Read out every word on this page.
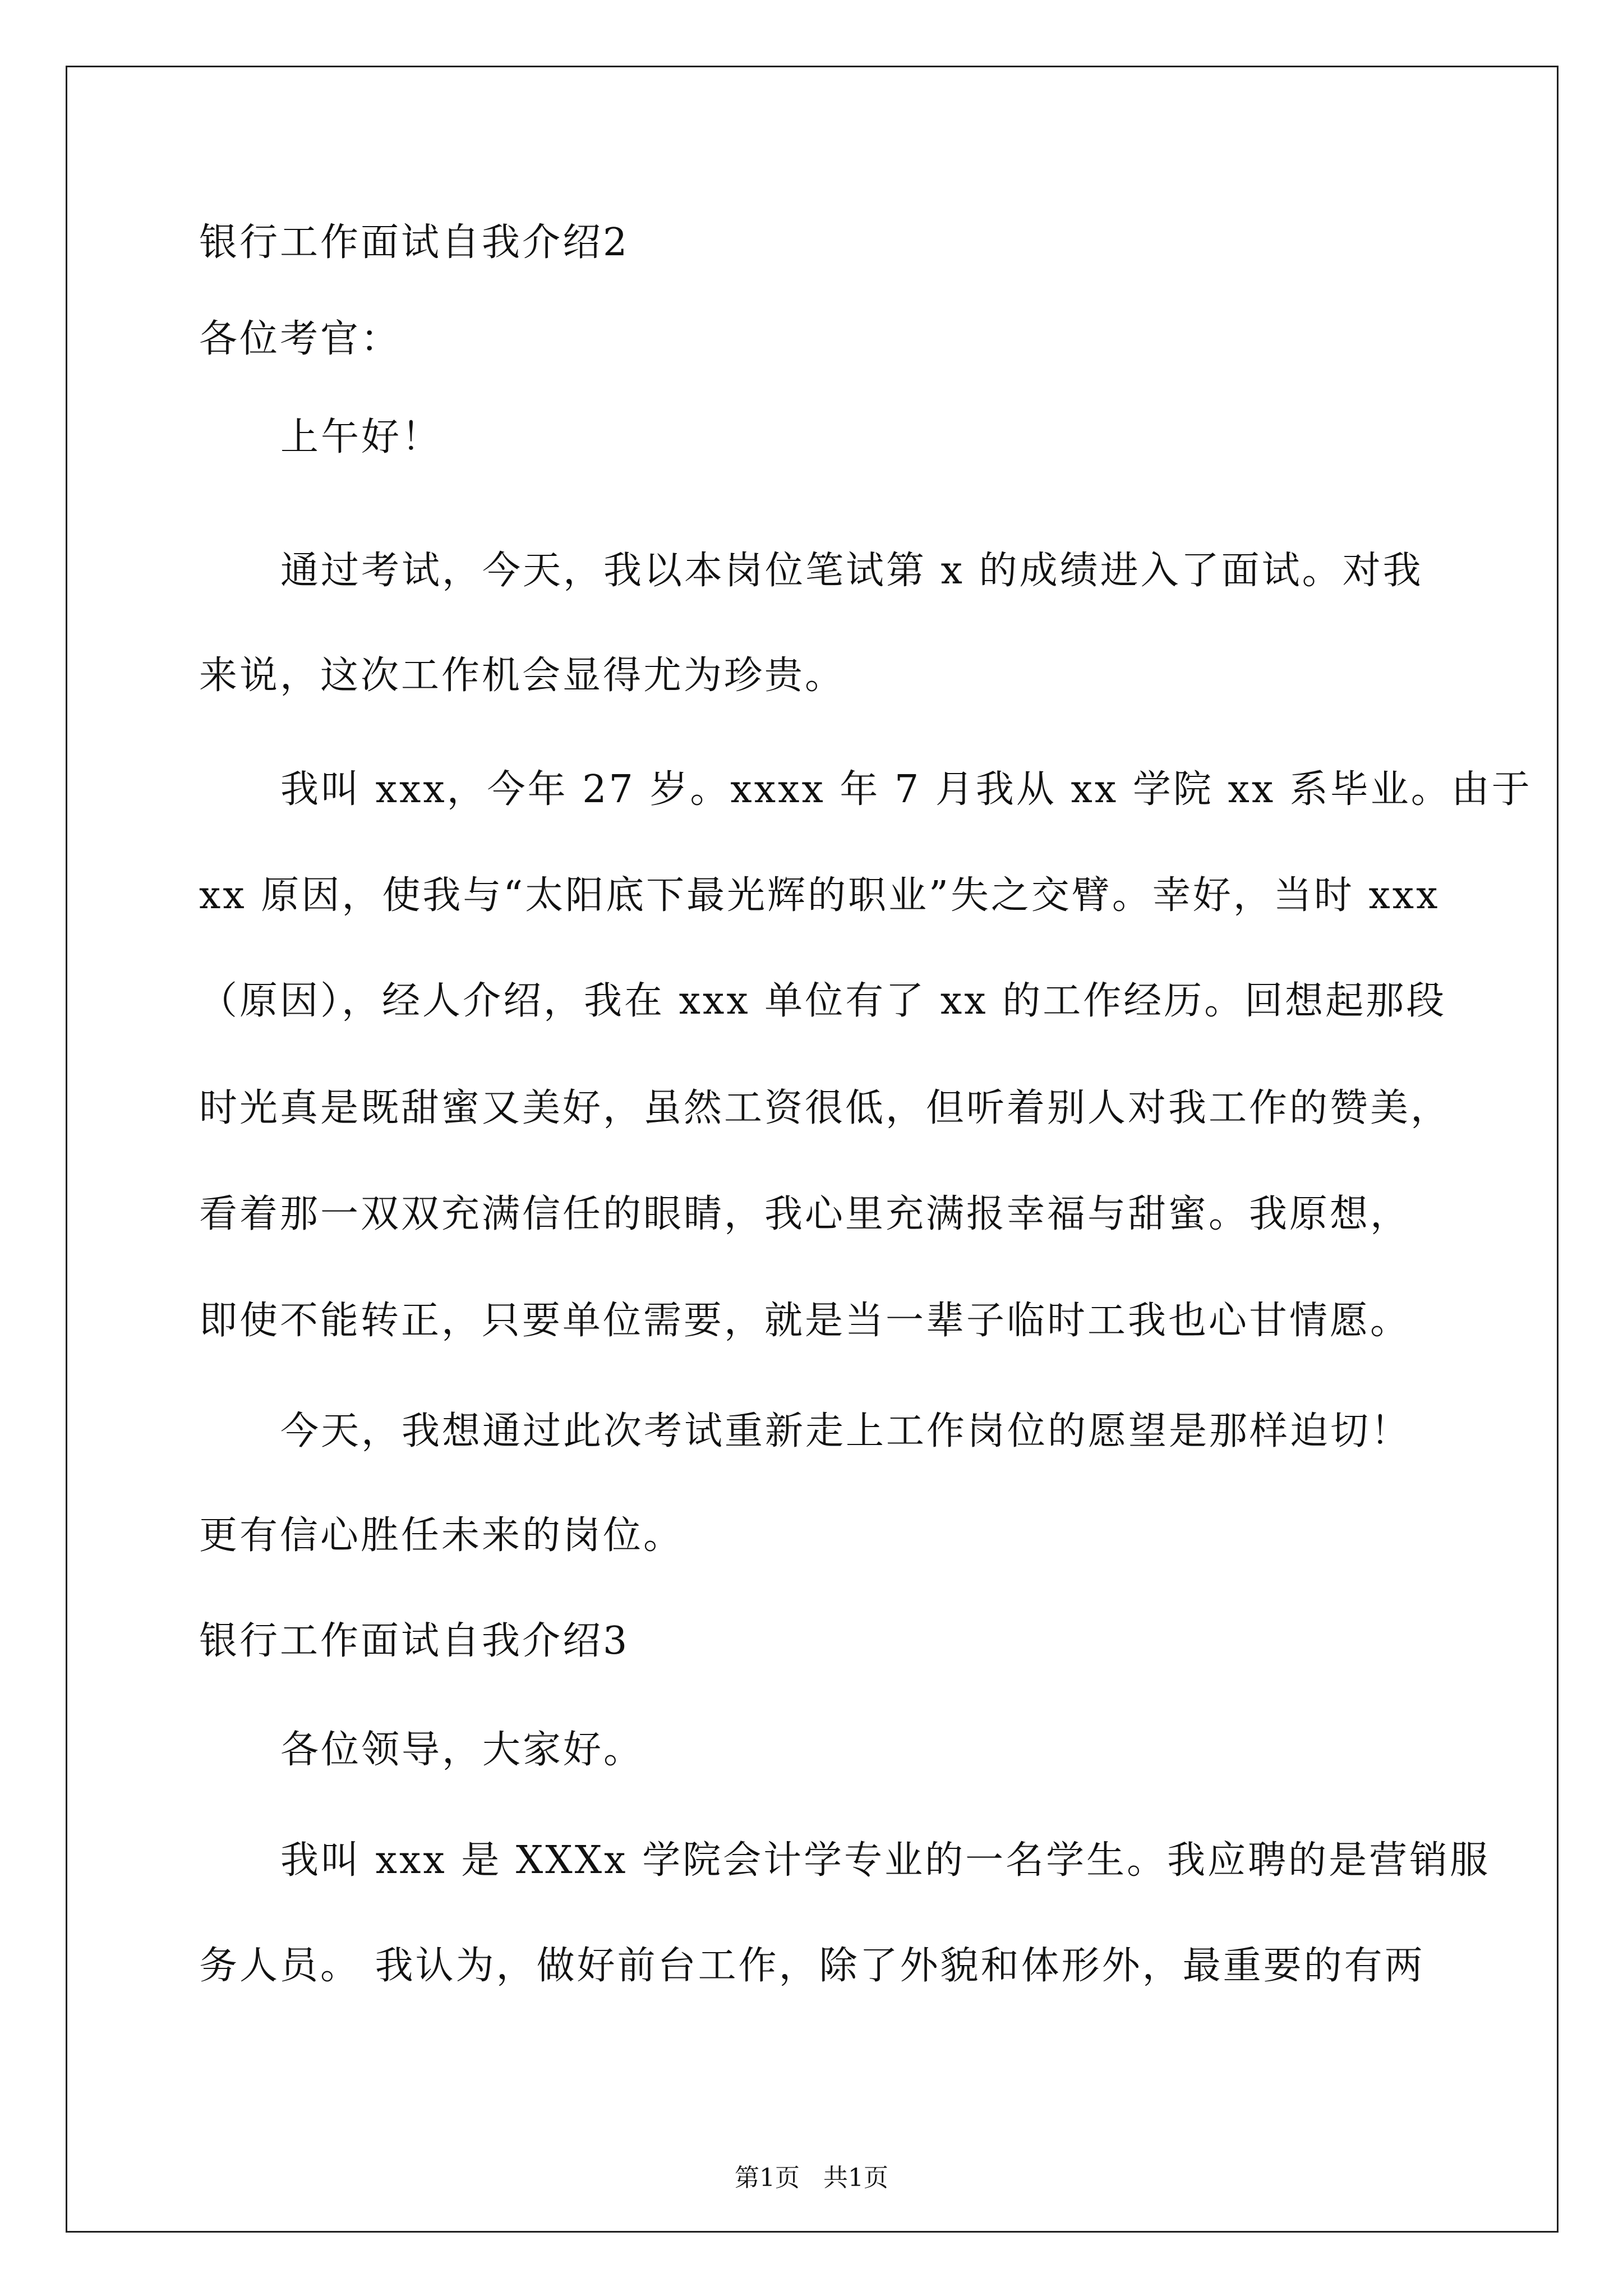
银行工作面试自我介绍2
各位考官：
上午好！
通过考试，今天，我以本岗位笔试第 x 的成绩进入了面试。对我
来说，这次工作机会显得尤为珍贵。
我叫 xxx，今年 27 岁。xxxx 年 7 月我从 xx 学院 xx 系毕业。由于
xx 原因，使我与“太阳底下最光辉的职业”失之交臂。幸好，当时 xxx
（原因），经人介绍，我在 xxx 单位有了 xx 的工作经历。回想起那段
时光真是既甜蜜又美好，虽然工资很低，但听着别人对我工作的赞美，
看着那一双双充满信任的眼睛，我心里充满报幸福与甜蜜。我原想，
即使不能转正，只要单位需要，就是当一辈子临时工我也心甘情愿。
今天，我想通过此次考试重新走上工作岗位的愿望是那样迫切！
更有信心胜任未来的岗位。
银行工作面试自我介绍3
各位领导，大家好。
我叫 xxx 是 XXXx 学院会计学专业的一名学生。我应聘的是营销服
务人员。 我认为，做好前台工作，除了外貌和体形外，最重要的有两
第1页   共1页
